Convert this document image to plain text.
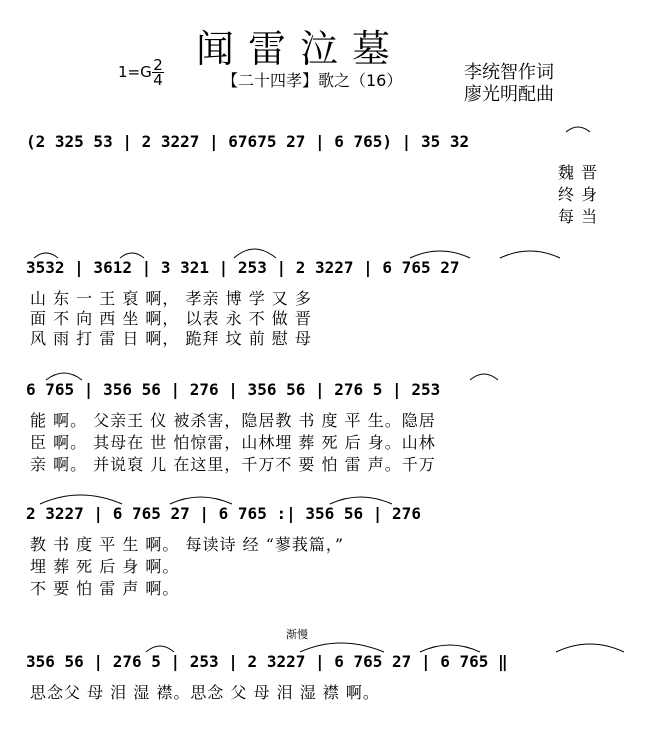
闻雷泣墓
1=G 2
4	【二十四孝】歌之（16）	李统智作词
廖光明配曲
(2 325 53 | 2 3227 | 67675 27 | 6 765) | 35 32
魏 晋
终 身
每 当
3532 | 3612 | 3 321 | 253 | 2 3227 | 6 765 27
山 东 一 王 裒 啊， 孝亲 博 学 又 多
面 不 向 西 坐 啊， 以表 永 不 做 晋
风 雨 打 雷 日 啊， 跪拜 坟 前 慰 母
6 765 | 356 56 | 276 | 356 56 | 276 5 | 253
能 啊。 父亲王 仪 被杀害，隐居教 书 度 平 生。隐居
臣 啊。 其母在 世 怕惊雷，山林埋 葬 死 后 身。山林
亲 啊。 并说裒 儿 在这里，千万不 要 怕 雷 声。千万
2 3227 | 6 765 27 | 6 765 :| 356 56 | 276
教 书 度 平 生 啊。 每读诗 经 “蓼莪篇，”
埋 葬 死 后 身 啊。
不 要 怕 雷 声 啊。
渐慢
356 56 | 276 5 | 253 | 2 3227 | 6 765 27 | 6 765 ‖
思念父 母 泪 湿 襟。思念 父 母 泪 湿 襟 啊。
